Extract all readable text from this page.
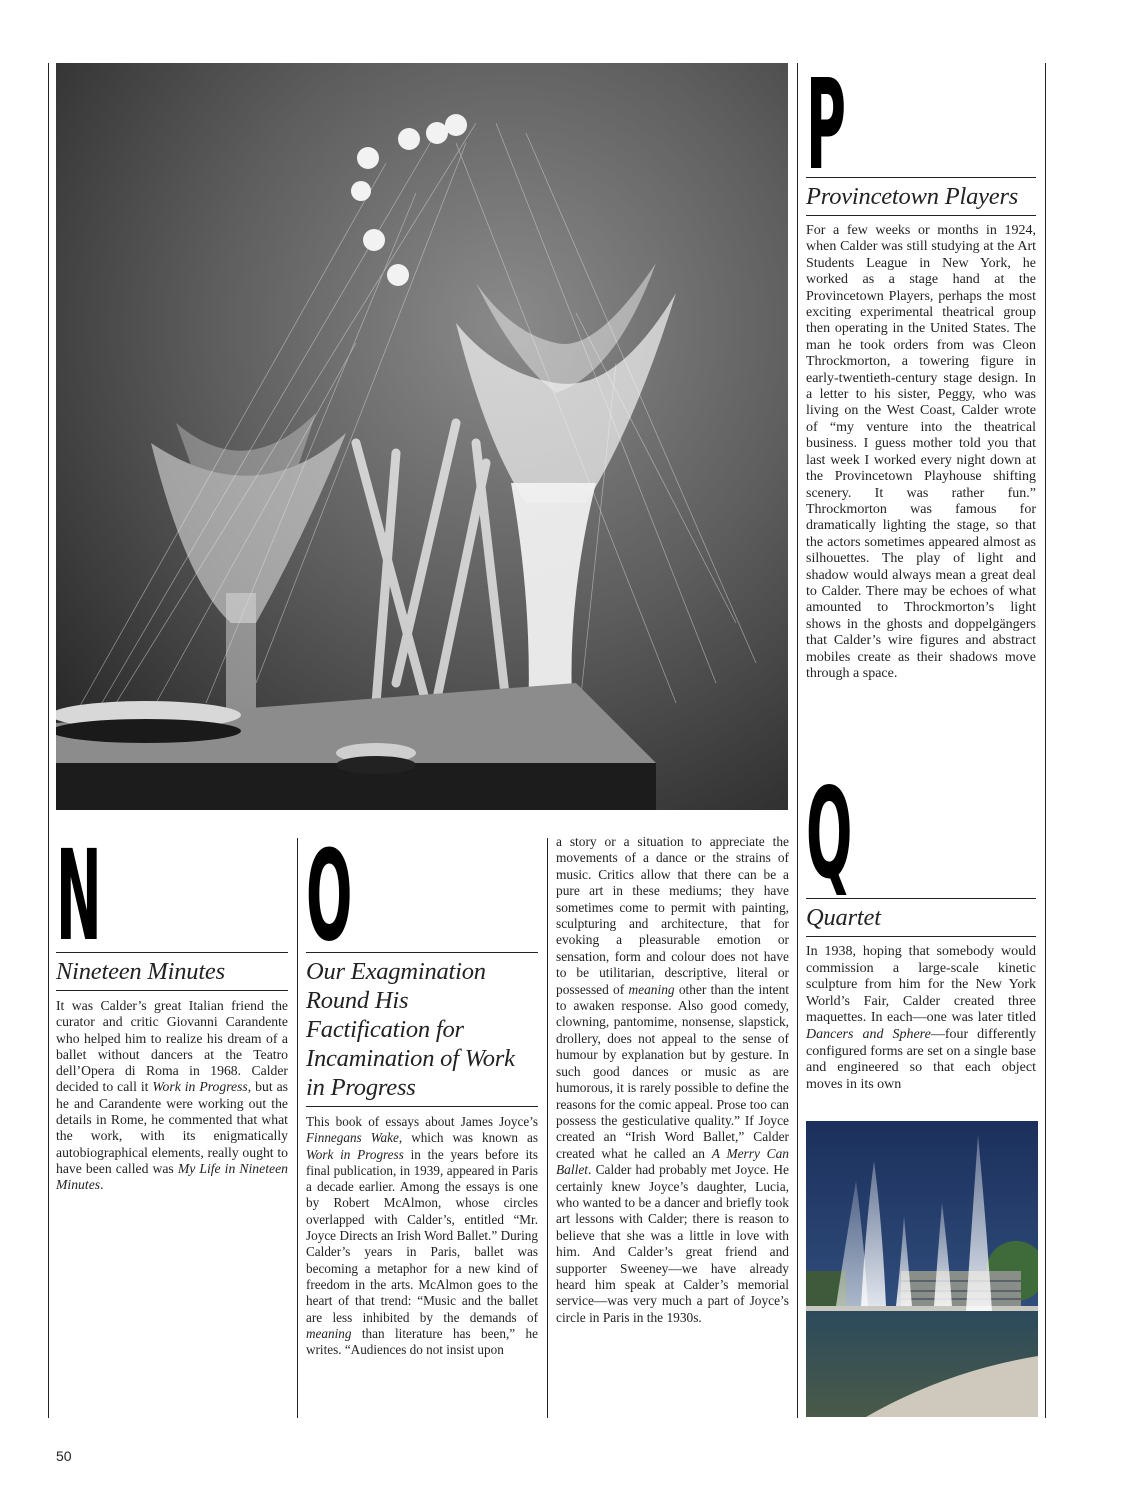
P
Provincetown Players
For a few weeks or months in 1924, when Calder was still studying at the Art Students League in New York, he worked as a stage hand at the Provincetown Players, perhaps the most exciting experimental theatrical group then operating in the United States. The man he took orders from was Cleon Throckmorton, a towering figure in early-twentieth-century stage design. In a letter to his sister, Peggy, who was living on the West Coast, Calder wrote of “my venture into the theatrical business. I guess mother told you that last week I worked every night down at the Provincetown Playhouse shifting scenery. It was rather fun.” Throckmorton was famous for dramatically lighting the stage, so that the actors sometimes appeared almost as silhouettes. The play of light and shadow would always mean a great deal to Calder. There may be echoes of what amounted to Throckmorton’s light shows in the ghosts and doppelgängers that Calder’s wire figures and abstract mobiles create as their shadows move through a space.
Q
Quartet
In 1938, hoping that somebody would commission a large-scale kinetic sculpture from him for the New York World’s Fair, Calder created three maquettes. In each—one was later titled Dancers and Sphere—four differently configured forms are set on a single base and engineered so that each object moves in its own
N
Nineteen Minutes
It was Calder’s great Italian friend the curator and critic Giovanni Carandente who helped him to realize his dream of a ballet without dancers at the Teatro dell’Opera di Roma in 1968. Calder decided to call it Work in Progress, but as he and Carandente were working out the details in Rome, he commented that what the work, with its enigmatically autobiographical elements, really ought to have been called was My Life in Nineteen Minutes.
O
Our Exagmination Round His Factification for Incamination of Work in Progress
This book of essays about James Joyce’s Finnegans Wake, which was known as Work in Progress in the years before its final publication, in 1939, appeared in Paris a decade earlier. Among the essays is one by Robert McAlmon, whose circles overlapped with Calder’s, entitled “Mr. Joyce Directs an Irish Word Ballet.” During Calder’s years in Paris, ballet was becoming a metaphor for a new kind of freedom in the arts. McAlmon goes to the heart of that trend: “Music and the ballet are less inhibited by the demands of meaning than literature has been,” he writes. “Audiences do not insist upon
a story or a situation to appreciate the movements of a dance or the strains of music. Critics allow that there can be a pure art in these mediums; they have sometimes come to permit with painting, sculpturing and architecture, that for evoking a pleasurable emotion or sensation, form and colour does not have to be utilitarian, descriptive, literal or possessed of meaning other than the intent to awaken response. Also good comedy, clowning, pantomime, nonsense, slapstick, drollery, does not appeal to the sense of humour by explanation but by gesture. In such good dances or music as are humorous, it is rarely possible to define the reasons for the comic appeal. Prose too can possess the gesticulative quality.” If Joyce created an “Irish Word Ballet,” Calder created what he called an A Merry Can Ballet. Calder had probably met Joyce. He certainly knew Joyce’s daughter, Lucia, who wanted to be a dancer and briefly took art lessons with Calder; there is reason to believe that she was a little in love with him. And Calder’s great friend and supporter Sweeney—we have already heard him speak at Calder’s memorial service—was very much a part of Joyce’s circle in Paris in the 1930s.
50
